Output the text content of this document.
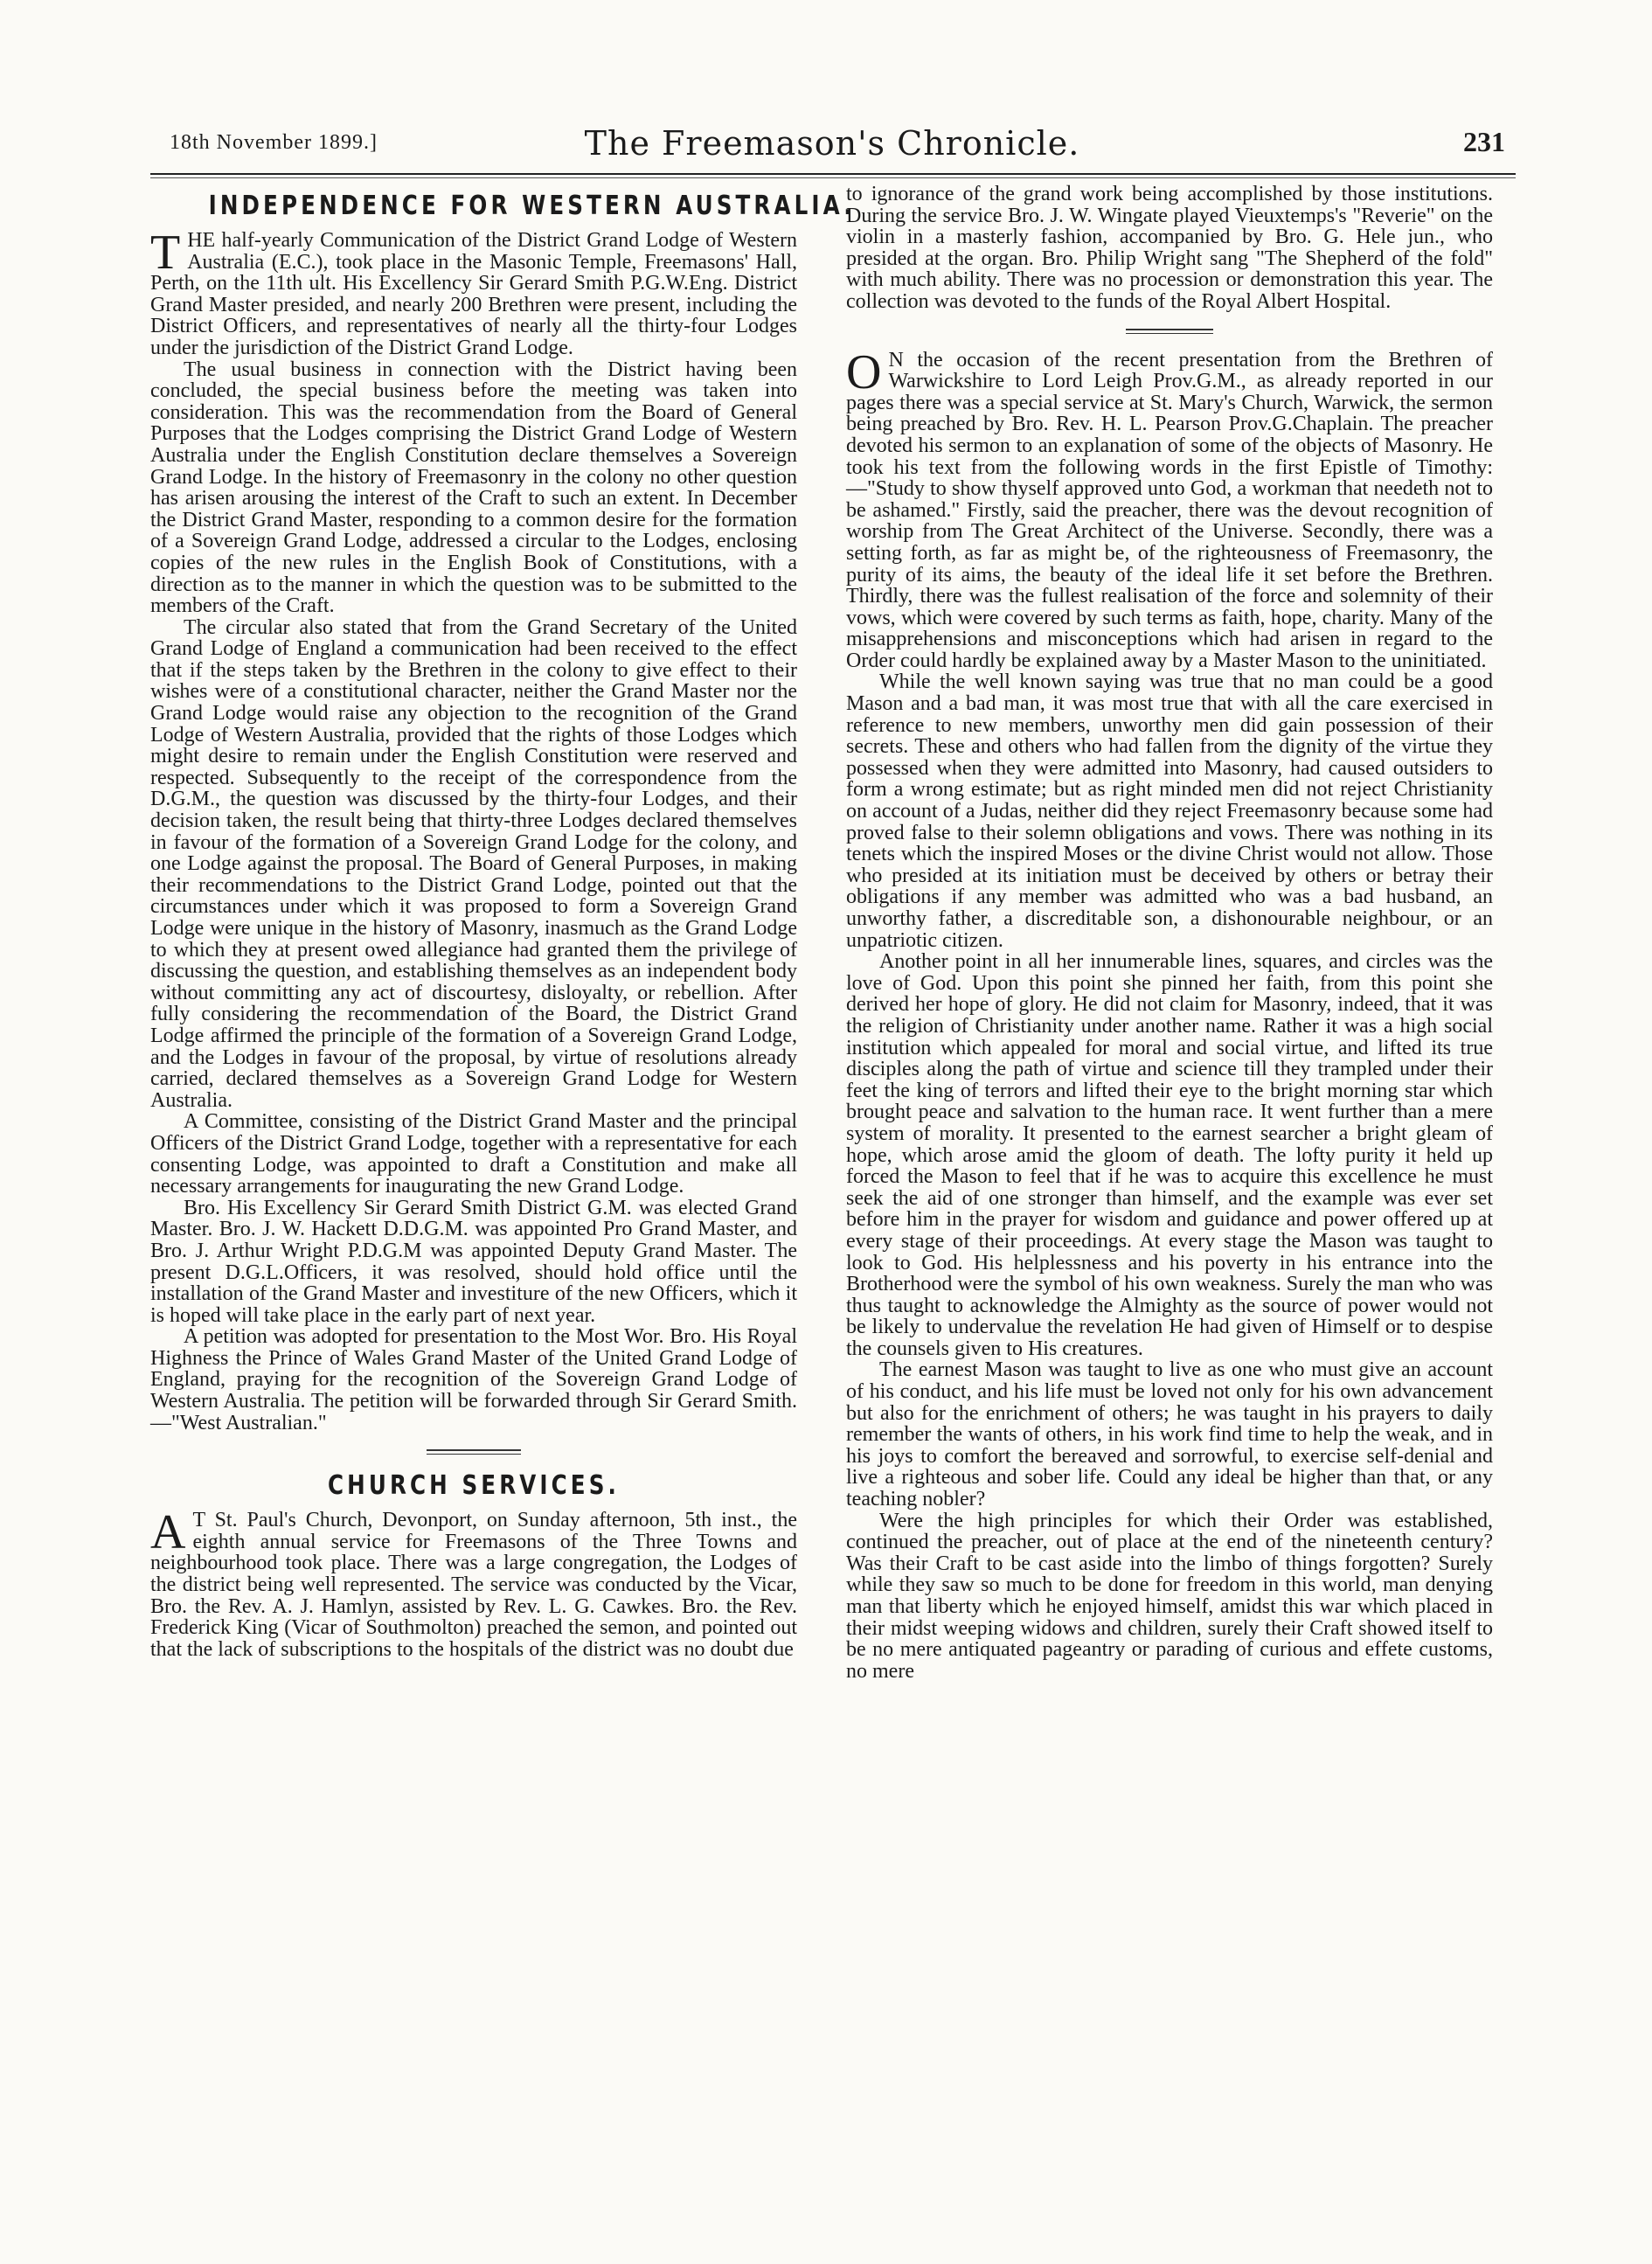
18th November 1899.]	The Freemason's Chronicle.	231
INDEPENDENCE FOR WESTERN AUSTRALIA.

THE half-yearly Communication of the District Grand Lodge of Western Australia (E.C.), took place in the Masonic Temple, Freemasons' Hall, Perth, on the 11th ult. His Excellency Sir Gerard Smith P.G.W.Eng. District Grand Master presided, and nearly 200 Brethren were present, including the District Officers, and representatives of nearly all the thirty-four Lodges under the jurisdiction of the District Grand Lodge.

The usual business in connection with the District having been concluded, the special business before the meeting was taken into consideration. This was the recommendation from the Board of General Purposes that the Lodges comprising the District Grand Lodge of Western Australia under the English Constitution declare themselves a Sovereign Grand Lodge. In the history of Freemasonry in the colony no other question has arisen arousing the interest of the Craft to such an extent. In December the District Grand Master, responding to a common desire for the formation of a Sovereign Grand Lodge, addressed a circular to the Lodges, enclosing copies of the new rules in the English Book of Constitutions, with a direction as to the manner in which the question was to be submitted to the members of the Craft.

The circular also stated that from the Grand Secretary of the United Grand Lodge of England a communication had been received to the effect that if the steps taken by the Brethren in the colony to give effect to their wishes were of a constitutional character, neither the Grand Master nor the Grand Lodge would raise any objection to the recognition of the Grand Lodge of Western Australia, provided that the rights of those Lodges which might desire to remain under the English Constitution were reserved and respected. Subsequently to the receipt of the correspondence from the D.G.M., the question was discussed by the thirty-four Lodges, and their decision taken, the result being that thirty-three Lodges declared themselves in favour of the formation of a Sovereign Grand Lodge for the colony, and one Lodge against the proposal. The Board of General Purposes, in making their recommendations to the District Grand Lodge, pointed out that the circumstances under which it was proposed to form a Sovereign Grand Lodge were unique in the history of Masonry, inasmuch as the Grand Lodge to which they at present owed allegiance had granted them the privilege of discussing the question, and establishing themselves as an independent body without committing any act of discourtesy, disloyalty, or rebellion. After fully considering the recommendation of the Board, the District Grand Lodge affirmed the principle of the formation of a Sovereign Grand Lodge, and the Lodges in favour of the proposal, by virtue of resolutions already carried, declared themselves as a Sovereign Grand Lodge for Western Australia.

A Committee, consisting of the District Grand Master and the principal Officers of the District Grand Lodge, together with a representative for each consenting Lodge, was appointed to draft a Constitution and make all necessary arrangements for inaugurating the new Grand Lodge.

Bro. His Excellency Sir Gerard Smith District G.M. was elected Grand Master. Bro. J. W. Hackett D.D.G.M. was appointed Pro Grand Master, and Bro. J. Arthur Wright P.D.G.M was appointed Deputy Grand Master. The present D.G.L.Officers, it was resolved, should hold office until the installation of the Grand Master and investiture of the new Officers, which it is hoped will take place in the early part of next year.

A petition was adopted for presentation to the Most Wor. Bro. His Royal Highness the Prince of Wales Grand Master of the United Grand Lodge of England, praying for the recognition of the Sovereign Grand Lodge of Western Australia. The petition will be forwarded through Sir Gerard Smith.—"West Australian."

CHURCH SERVICES.

A T St. Paul's Church, Devonport, on Sunday afternoon, 5th inst., the eighth annual service for Freemasons of the Three Towns and neighbourhood took place. There was a large congregation, the Lodges of the district being well represented. The service was conducted by the Vicar, Bro. the Rev. A. J. Hamlyn, assisted by Rev. L. G. Cawkes. Bro. the Rev. Frederick King (Vicar of Southmolton) preached the semon, and pointed out that the lack of subscriptions to the hospitals of the district was no doubt due

to ignorance of the grand work being accomplished by those institutions. During the service Bro. J. W. Wingate played Vieuxtemps's "Reverie" on the violin in a masterly fashion, accompanied by Bro. G. Hele jun., who presided at the organ. Bro. Philip Wright sang "The Shepherd of the fold" with much ability. There was no procession or demonstration this year. The collection was devoted to the funds of the Royal Albert Hospital.

O N the occasion of the recent presentation from the Brethren of Warwickshire to Lord Leigh Prov.G.M., as already reported in our pages there was a special service at St. Mary's Church, Warwick, the sermon being preached by Bro. Rev. H. L. Pearson Prov.G.Chaplain. The preacher devoted his sermon to an explanation of some of the objects of Masonry. He took his text from the following words in the first Epistle of Timothy:—"Study to show thyself approved unto God, a workman that needeth not to be ashamed." Firstly, said the preacher, there was the devout recognition of worship from The Great Architect of the Universe. Secondly, there was a setting forth, as far as might be, of the righteousness of Freemasonry, the purity of its aims, the beauty of the ideal life it set before the Brethren. Thirdly, there was the fullest realisation of the force and solemnity of their vows, which were covered by such terms as faith, hope, charity. Many of the misapprehensions and misconceptions which had arisen in regard to the Order could hardly be explained away by a Master Mason to the uninitiated.

While the well known saying was true that no man could be a good Mason and a bad man, it was most true that with all the care exercised in reference to new members, unworthy men did gain possession of their secrets. These and others who had fallen from the dignity of the virtue they possessed when they were admitted into Masonry, had caused outsiders to form a wrong estimate; but as right minded men did not reject Christianity on account of a Judas, neither did they reject Freemasonry because some had proved false to their solemn obligations and vows. There was nothing in its tenets which the inspired Moses or the divine Christ would not allow. Those who presided at its initiation must be deceived by others or betray their obligations if any member was admitted who was a bad husband, an unworthy father, a discreditable son, a dishonourable neighbour, or an unpatriotic citizen.

Another point in all her innumerable lines, squares, and circles was the love of God. Upon this point she pinned her faith, from this point she derived her hope of glory. He did not claim for Masonry, indeed, that it was the religion of Christianity under another name. Rather it was a high social institution which appealed for moral and social virtue, and lifted its true disciples along the path of virtue and science till they trampled under their feet the king of terrors and lifted their eye to the bright morning star which brought peace and salvation to the human race. It went further than a mere system of morality. It presented to the earnest searcher a bright gleam of hope, which arose amid the gloom of death. The lofty purity it held up forced the Mason to feel that if he was to acquire this excellence he must seek the aid of one stronger than himself, and the example was ever set before him in the prayer for wisdom and guidance and power offered up at every stage of their proceedings. At every stage the Mason was taught to look to God. His helplessness and his poverty in his entrance into the Brotherhood were the symbol of his own weakness. Surely the man who was thus taught to acknowledge the Almighty as the source of power would not be likely to undervalue the revelation He had given of Himself or to despise the counsels given to His creatures.

The earnest Mason was taught to live as one who must give an account of his conduct, and his life must be loved not only for his own advancement but also for the enrichment of others; he was taught in his prayers to daily remember the wants of others, in his work find time to help the weak, and in his joys to comfort the bereaved and sorrowful, to exercise self-denial and live a righteous and sober life. Could any ideal be higher than that, or any teaching nobler?

Were the high principles for which their Order was established, continued the preacher, out of place at the end of the nineteenth century? Was their Craft to be cast aside into the limbo of things forgotten? Surely while they saw so much to be done for freedom in this world, man denying man that liberty which he enjoyed himself, amidst this war which placed in their midst weeping widows and children, surely their Craft showed itself to be no mere antiquated pageantry or parading of curious and effete customs, no mere
